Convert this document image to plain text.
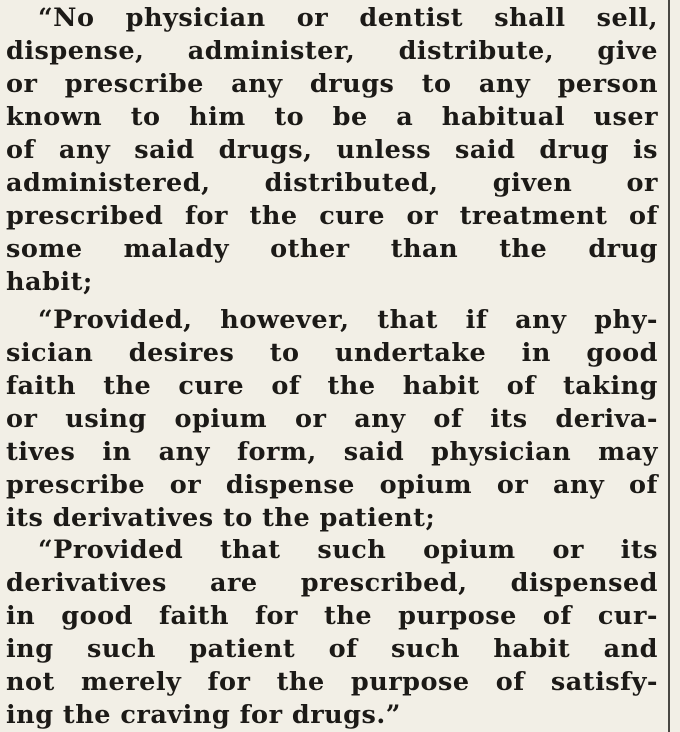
“No physician or dentist shall sell,
dispense, administer, distribute, give
or prescribe any drugs to any person
known to him to be a habitual user
of any said drugs, unless said drug is
administered, distributed, given or
prescribed for the cure or treatment of
some malady other than the drug
habit;
“Provided, however, that if any phy-
sician desires to undertake in good
faith the cure of the habit of taking
or using opium or any of its deriva-
tives in any form, said physician may
prescribe or dispense opium or any of
its derivatives to the patient;
“Provided that such opium or its
derivatives are prescribed, dispensed
in good faith for the purpose of cur-
ing such patient of such habit and
not merely for the purpose of satisfy-
ing the craving for drugs.”
